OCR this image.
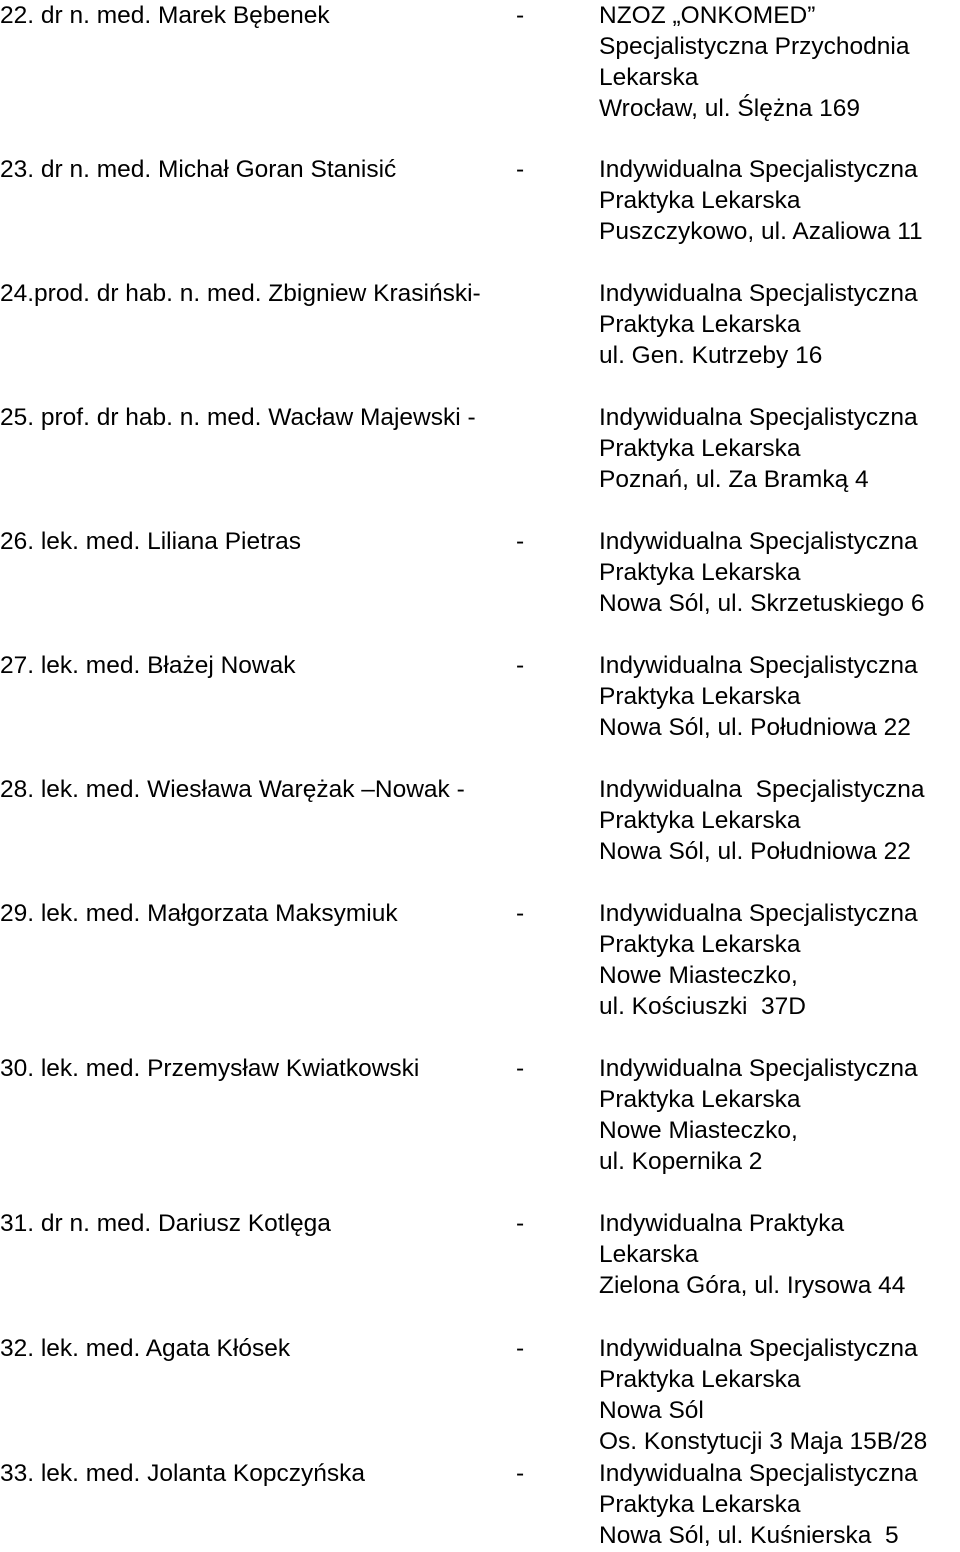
22. dr n. med. Marek Bębenek	-	NZOZ „ONKOMED”
Specjalistyczna Przychodnia
Lekarska
Wrocław, ul. Ślężna 169
23. dr n. med. Michał Goran Stanisić	-	Indywidualna Specjalistyczna
Praktyka Lekarska
Puszczykowo, ul. Azaliowa 11
24.prod. dr hab. n. med. Zbigniew Krasiński-	Indywidualna Specjalistyczna
Praktyka Lekarska
ul. Gen. Kutrzeby 16
25. prof. dr hab. n. med. Wacław Majewski -	Indywidualna Specjalistyczna
Praktyka Lekarska
Poznań, ul. Za Bramką 4
26. lek. med. Liliana Pietras	-	Indywidualna Specjalistyczna
Praktyka Lekarska
Nowa Sól, ul. Skrzetuskiego 6
27. lek. med. Błażej Nowak	-	Indywidualna Specjalistyczna
Praktyka Lekarska
Nowa Sól, ul. Południowa 22
28. lek. med. Wiesława Warężak –Nowak -	Indywidualna  Specjalistyczna
Praktyka Lekarska
Nowa Sól, ul. Południowa 22
29. lek. med. Małgorzata Maksymiuk	-	Indywidualna Specjalistyczna
Praktyka Lekarska
Nowe Miasteczko,
ul. Kościuszki  37D
30. lek. med. Przemysław Kwiatkowski	-	Indywidualna Specjalistyczna
Praktyka Lekarska
Nowe Miasteczko,
ul. Kopernika 2
31. dr n. med. Dariusz Kotlęga	-	Indywidualna Praktyka
Lekarska
Zielona Góra, ul. Irysowa 44
32. lek. med. Agata Kłósek	-	Indywidualna Specjalistyczna
Praktyka Lekarska
Nowa Sól
Os. Konstytucji 3 Maja 15B/28
33. lek. med. Jolanta Kopczyńska	-	Indywidualna Specjalistyczna
Praktyka Lekarska
Nowa Sól, ul. Kuśnierska  5
